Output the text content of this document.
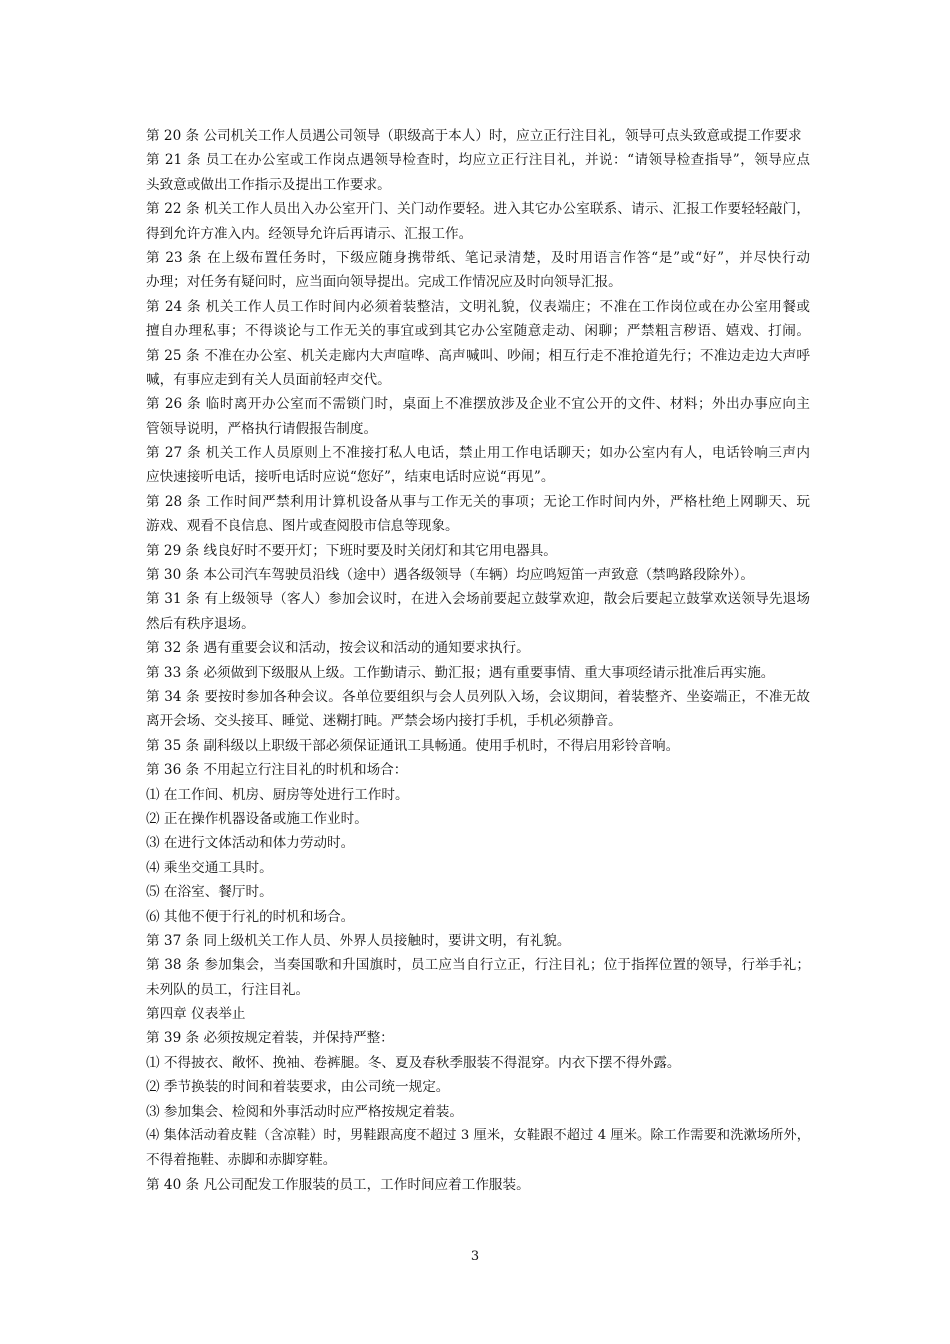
第 20 条 公司机关工作人员遇公司领导（职级高于本人）时，应立正行注目礼，领导可点头致意或提工作要求
第 21 条 员工在办公室或工作岗点遇领导检查时，均应立正行注目礼，并说：“请领导检查指导”，领导应点
头致意或做出工作指示及提出工作要求。
第 22 条 机关工作人员出入办公室开门、关门动作要轻。进入其它办公室联系、请示、汇报工作要轻轻敲门，
得到允许方准入内。经领导允许后再请示、汇报工作。
第 23 条 在上级布置任务时，下级应随身携带纸、笔记录清楚，及时用语言作答“是”或“好”，并尽快行动
办理；对任务有疑问时，应当面向领导提出。完成工作情况应及时向领导汇报。
第 24 条 机关工作人员工作时间内必须着装整洁，文明礼貌，仪表端庄；不准在工作岗位或在办公室用餐或
擅自办理私事；不得谈论与工作无关的事宜或到其它办公室随意走动、闲聊；严禁粗言秽语、嬉戏、打闹。
第 25 条 不准在办公室、机关走廊内大声喧哗、高声喊叫、吵闹；相互行走不准抢道先行；不准边走边大声呼
喊，有事应走到有关人员面前轻声交代。
第 26 条 临时离开办公室而不需锁门时，桌面上不准摆放涉及企业不宜公开的文件、材料；外出办事应向主
管领导说明，严格执行请假报告制度。
第 27 条 机关工作人员原则上不准接打私人电话，禁止用工作电话聊天；如办公室内有人，电话铃响三声内
应快速接听电话，接听电话时应说“您好”，结束电话时应说“再见”。
第 28 条 工作时间严禁利用计算机设备从事与工作无关的事项；无论工作时间内外，严格杜绝上网聊天、玩
游戏、观看不良信息、图片或查阅股市信息等现象。
第 29 条 线良好时不要开灯；下班时要及时关闭灯和其它用电器具。
第 30 条 本公司汽车驾驶员沿线（途中）遇各级领导（车辆）均应鸣短笛一声致意（禁鸣路段除外）。
第 31 条 有上级领导（客人）参加会议时，在进入会场前要起立鼓掌欢迎，散会后要起立鼓掌欢送领导先退场
然后有秩序退场。
第 32 条 遇有重要会议和活动，按会议和活动的通知要求执行。
第 33 条 必须做到下级服从上级。工作勤请示、勤汇报；遇有重要事情、重大事项经请示批准后再实施。
第 34 条 要按时参加各种会议。各单位要组织与会人员列队入场，会议期间，着装整齐、坐姿端正，不准无故
离开会场、交头接耳、睡觉、迷糊打盹。严禁会场内接打手机，手机必须静音。
第 35 条 副科级以上职级干部必须保证通讯工具畅通。使用手机时，不得启用彩铃音响。
第 36 条 不用起立行注目礼的时机和场合：
⑴ 在工作间、机房、厨房等处进行工作时。
⑵ 正在操作机器设备或施工作业时。
⑶ 在进行文体活动和体力劳动时。
⑷ 乘坐交通工具时。
⑸ 在浴室、餐厅时。
⑹ 其他不便于行礼的时机和场合。
第 37 条 同上级机关工作人员、外界人员接触时，要讲文明，有礼貌。
第 38 条 参加集会，当奏国歌和升国旗时，员工应当自行立正，行注目礼；位于指挥位置的领导，行举手礼；
未列队的员工，行注目礼。
第四章 仪表举止
第 39 条 必须按规定着装，并保持严整：
⑴ 不得披衣、敞怀、挽袖、卷裤腿。冬、夏及春秋季服装不得混穿。内衣下摆不得外露。
⑵ 季节换装的时间和着装要求，由公司统一规定。
⑶ 参加集会、检阅和外事活动时应严格按规定着装。
⑷ 集体活动着皮鞋（含凉鞋）时，男鞋跟高度不超过 3 厘米，女鞋跟不超过 4 厘米。除工作需要和洗漱场所外，
不得着拖鞋、赤脚和赤脚穿鞋。
第 40 条 凡公司配发工作服装的员工，工作时间应着工作服装。
3
